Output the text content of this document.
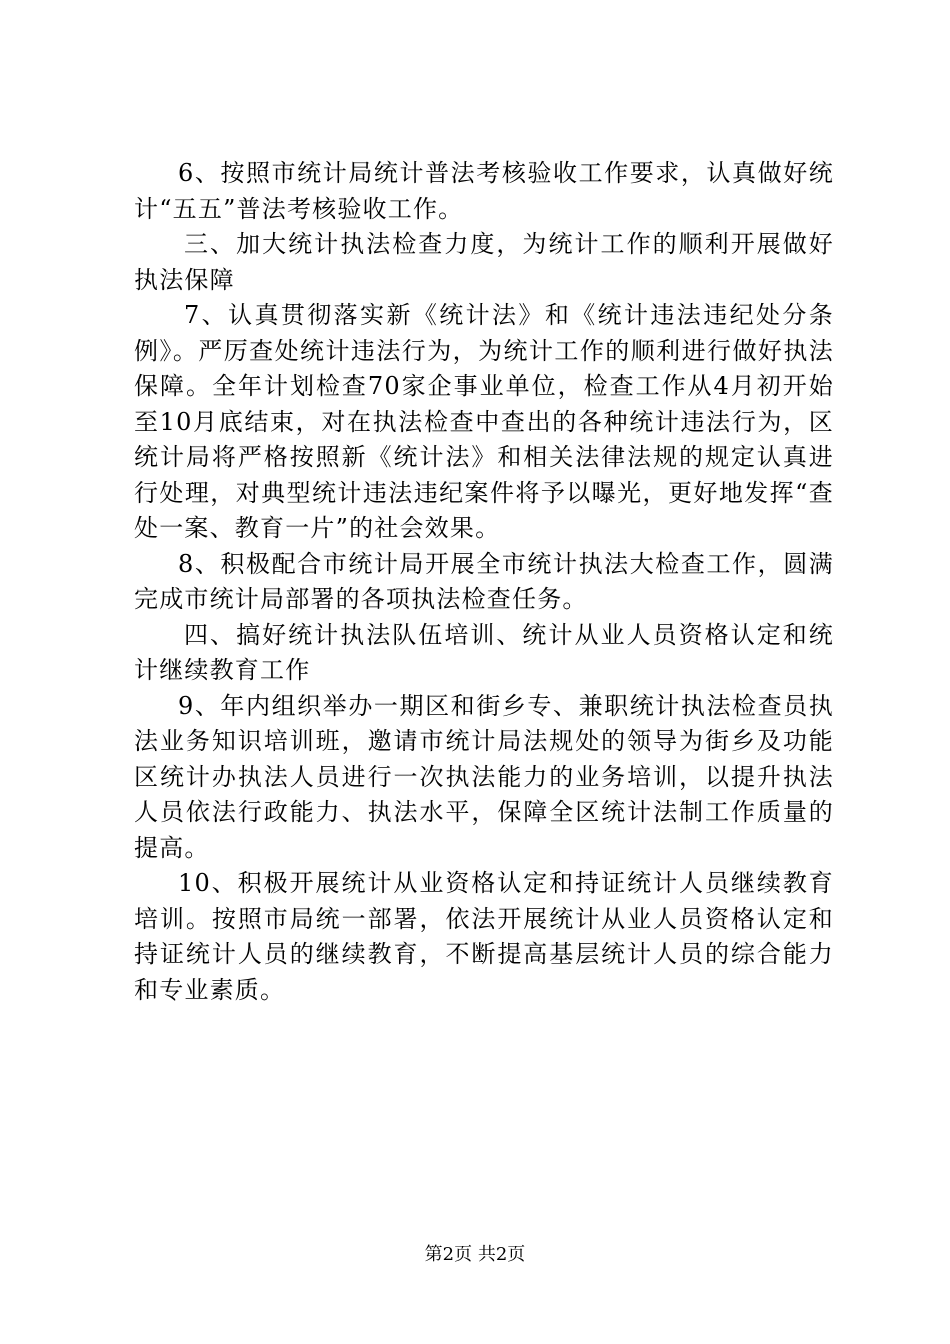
6、按照市统计局统计普法考核验收工作要求，认真做好统计“五五”普法考核验收工作。

三、加大统计执法检查力度，为统计工作的顺利开展做好执法保障

7、认真贯彻落实新《统计法》和《统计违法违纪处分条例》。严厉查处统计违法行为，为统计工作的顺利进行做好执法保障。全年计划检查70家企事业单位，检查工作从4月初开始至10月底结束，对在执法检查中查出的各种统计违法行为，区统计局将严格按照新《统计法》和相关法律法规的规定认真进行处理，对典型统计违法违纪案件将予以曝光，更好地发挥“查处一案、教育一片”的社会效果。

8、积极配合市统计局开展全市统计执法大检查工作，圆满完成市统计局部署的各项执法检查任务。

四、搞好统计执法队伍培训、统计从业人员资格认定和统计继续教育工作

9、年内组织举办一期区和街乡专、兼职统计执法检查员执法业务知识培训班，邀请市统计局法规处的领导为街乡及功能区统计办执法人员进行一次执法能力的业务培训，以提升执法人员依法行政能力、执法水平，保障全区统计法制工作质量的提高。

10、积极开展统计从业资格认定和持证统计人员继续教育培训。按照市局统一部署，依法开展统计从业人员资格认定和持证统计人员的继续教育，不断提高基层统计人员的综合能力和专业素质。

第2页 共2页
